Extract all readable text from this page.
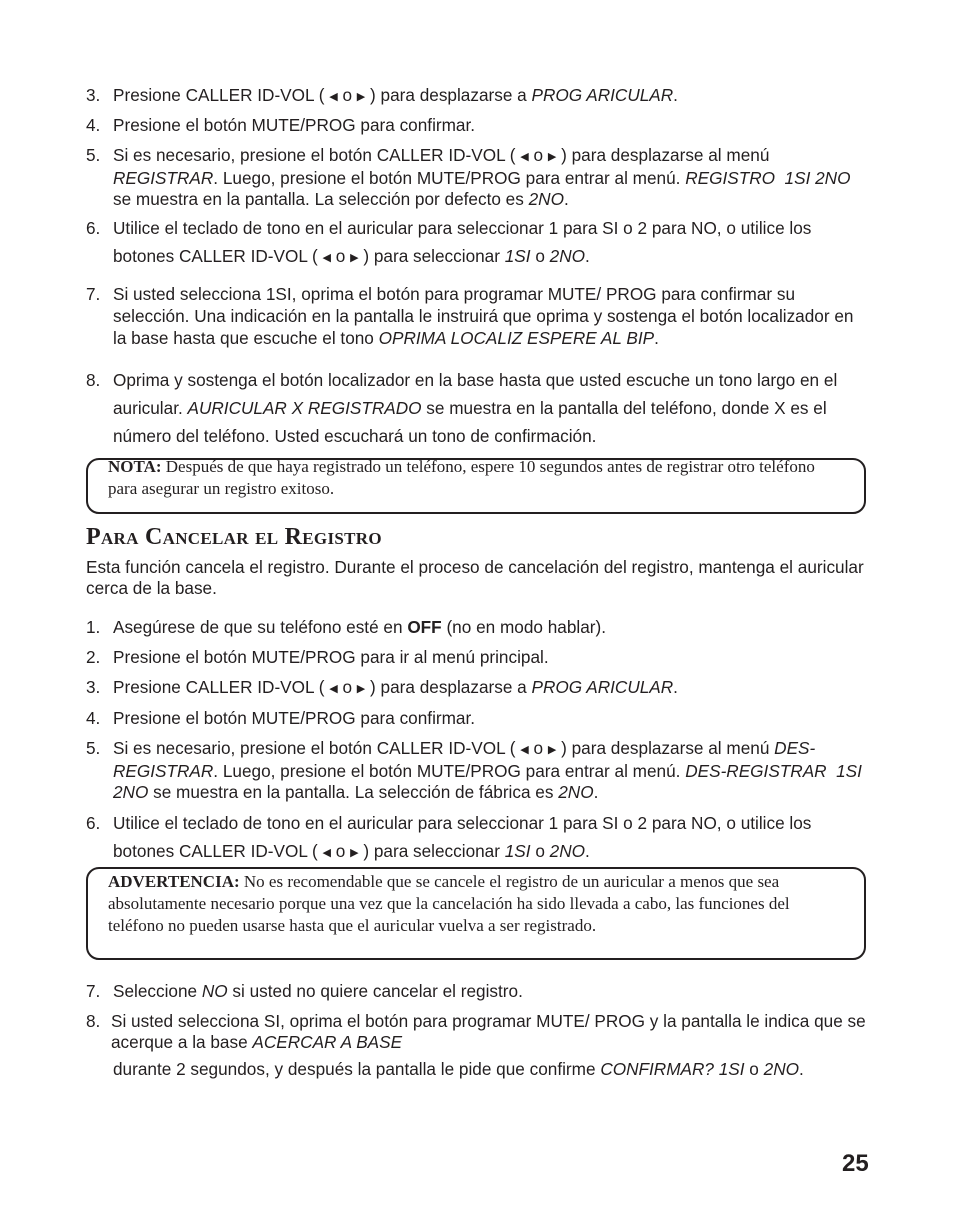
3. Presione CALLER ID-VOL ( ◀ o ▶ ) para desplazarse a PROG ARICULAR.
4. Presione el botón MUTE/PROG para confirmar.
5. Si es necesario, presione el botón CALLER ID-VOL ( ◀ o ▶ ) para desplazarse al menú REGISTRAR. Luego, presione el botón MUTE/PROG para entrar al menú. REGISTRO  1SI 2NO se muestra en la pantalla. La selección por defecto es 2NO.
6. Utilice el teclado de tono en el auricular para seleccionar 1 para SI o 2 para NO, o utilice los botones CALLER ID-VOL ( ◀ o ▶ ) para seleccionar 1SI o 2NO.
7. Si usted selecciona 1SI, oprima el botón para programar MUTE/ PROG para confirmar su selección. Una indicación en la pantalla le instruirá que oprima y sostenga el botón localizador en la base hasta que escuche el tono OPRIMA LOCALIZ ESPERE AL BIP.
8. Oprima y sostenga el botón localizador en la base hasta que usted escuche un tono largo en el auricular. AURICULAR X REGISTRADO se muestra en la pantalla del teléfono, donde X es el número del teléfono. Usted escuchará un tono de confirmación.
NOTA: Después de que haya registrado un teléfono, espere 10 segundos antes de registrar otro teléfono para asegurar un registro exitoso.
Para Cancelar el Registro
Esta función cancela el registro. Durante el proceso de cancelación del registro, mantenga el auricular cerca de la base.
1. Asegúrese de que su teléfono esté en OFF (no en modo hablar).
2. Presione el botón MUTE/PROG para ir al menú principal.
3. Presione CALLER ID-VOL ( ◀ o ▶ ) para desplazarse a PROG ARICULAR.
4. Presione el botón MUTE/PROG para confirmar.
5. Si es necesario, presione el botón CALLER ID-VOL ( ◀ o ▶ ) para desplazarse al menú DES-REGISTRAR. Luego, presione el botón MUTE/PROG para entrar al menú. DES-REGISTRAR  1SI 2NO se muestra en la pantalla. La selección de fábrica es 2NO.
6. Utilice el teclado de tono en el auricular para seleccionar 1 para SI o 2 para NO, o utilice los botones CALLER ID-VOL ( ◀ o ▶ ) para seleccionar 1SI o 2NO.
ADVERTENCIA: No es recomendable que se cancele el registro de un auricular a menos que sea absolutamente necesario porque una vez que la cancelación ha sido llevada a cabo, las funciones del teléfono no pueden usarse hasta que el auricular vuelva a ser registrado.
7. Seleccione NO si usted no quiere cancelar el registro.
8. Si usted selecciona SI, oprima el botón para programar MUTE/ PROG y la pantalla le indica que se acerque a la base ACERCAR A BASE
durante 2 segundos, y después la pantalla le pide que confirme CONFIRMAR? 1SI o 2NO.
25
